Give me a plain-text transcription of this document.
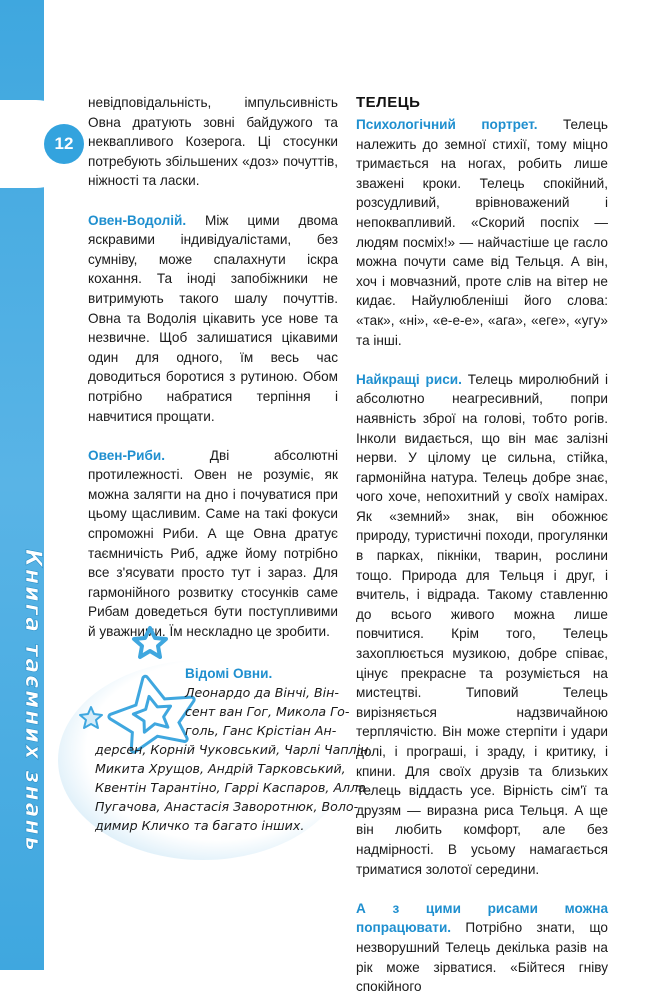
12
Книга таємних знань

невідповідальність, імпульсивність Овна дратують зовні байдужого та неквапливого Козерога. Ці стосунки потребують збільшених «доз» почуттів, ніжності та ласки.

Овен-Водолій. Між цими двома яскравими індивідуалістами, без сумніву, може спалахнути іскра кохання. Та іноді запобіжники не витримують такого шалу почуттів. Овна та Водолія цікавить усе нове та незвичне. Щоб залишатися цікавими один для одного, їм весь час доводиться боротися з рутиною. Обом потрібно набратися терпіння і навчитися прощати.

Овен-Риби. Дві абсолютні протилежності. Овен не розуміє, як можна залягти на дно і почуватися при цьому щасливим. Саме на такі фокуси спроможні Риби. А ще Овна дратує таємничість Риб, адже йому потрібно все з'ясувати просто тут і зараз. Для гармонійного розвитку стосунків саме Рибам доведеться бути поступливими й уважними. Їм нескладно це зробити.

Відомі Овни.
Леонардо да Вінчі, Він-
сент ван Гог, Микола Го-
голь, Ганс Крістіан Ан-
дерсен, Корній Чуковський, Чарлі Чаплін,
Микита Хрущов, Андрій Тарковський,
Квентін Тарантіно, Гаррі Каспаров, Алла
Пугачова, Анастасія Заворотнюк, Воло-
димир Кличко та багато інших.
ТЕЛЕЦЬ

Психологічний портрет. Телець належить до земної стихії, тому міцно тримається на ногах, робить лише зважені кроки. Телець спокійний, розсудливий, врівноважений і непоквапливий. «Скорий поспіх — людям посміх!» — найчастіше це гасло можна почути саме від Тельця. А він, хоч і мовчазний, проте слів на вітер не кидає. Найулюбленіші його слова: «так», «ні», «е-е-е», «ага», «еге», «угу» та інші.

Найкращі риси. Телець миролюбний і абсолютно неагресивний, попри наявність зброї на голові, тобто рогів. Інколи видається, що він має залізні нерви. У цілому це сильна, стійка, гармонійна натура. Телець добре знає, чого хоче, непохитний у своїх намірах. Як «земний» знак, він обожнює природу, туристичні походи, прогулянки в парках, пікніки, тварин, рослини тощо. Природа для Тельця і друг, і вчитель, і відрада. Такому ставленню до всього живого можна лише повчитися. Крім того, Телець захоплюється музикою, добре співає, цінує прекрасне та розуміється на мистецтві. Типовий Телець вирізняється надзвичайною терплячістю. Він може стерпіти і удари долі, і програші, і зраду, і критику, і кпини. Для своїх друзів та близьких Телець віддасть усе. Вірність сім'ї та друзям — виразна риса Тельця. А ще він любить комфорт, але без надмірності. В усьому намагається триматися золотої середини.

А з цими рисами можна попрацювати. Потрібно знати, що незворушний Телець декілька разів на рік може зірватися. «Бійтеся гніву спокійного
